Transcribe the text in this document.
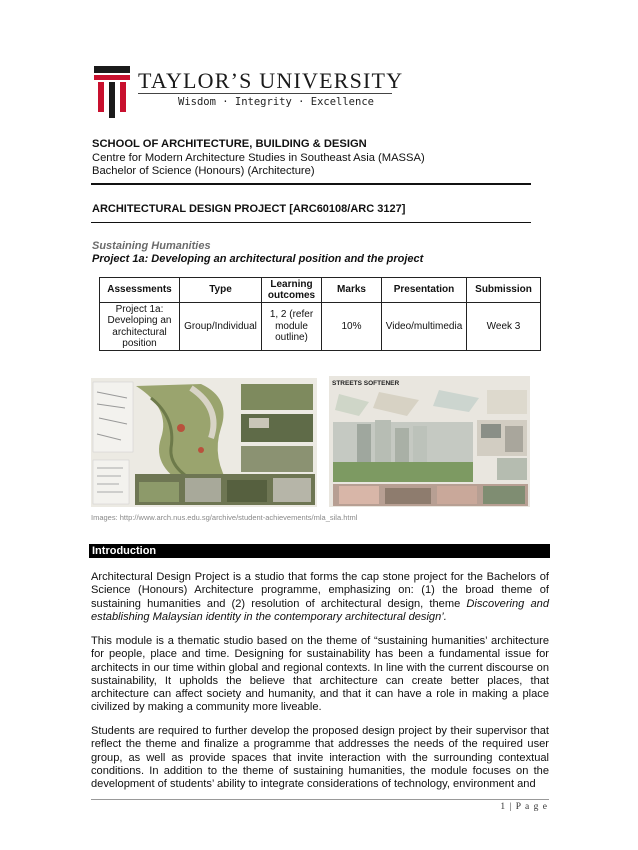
TAYLOR’S UNIVERSITY
Wisdom · Integrity · Excellence
SCHOOL OF ARCHITECTURE, BUILDING & DESIGN
Centre for Modern Architecture Studies in Southeast Asia (MASSA)
Bachelor of Science (Honours) (Architecture)
ARCHITECTURAL DESIGN PROJECT [ARC60108/ARC 3127]
Sustaining Humanities
Project 1a: Developing an architectural position and the project
Assessments	Type	Learning outcomes	Marks	Presentation	Submission
Project 1a: Developing an architectural position	Group/Individual	1, 2 (refer module outline)	10%	Video/multimedia	Week 3
STREETS SOFTENER
Images: http://www.arch.nus.edu.sg/archive/student-achievements/mla_sila.html
Introduction
Architectural Design Project is a studio that forms the cap stone project for the Bachelors of Science (Honours) Architecture programme, emphasizing on: (1) the broad theme of sustaining humanities and (2) resolution of architectural design, theme Discovering and establishing Malaysian identity in the contemporary architectural design’.
This module is a thematic studio based on the theme of “sustaining humanities’ architecture for people, place and time. Designing for sustainability has been a fundamental issue for architects in our time within global and regional contexts. In line with the current discourse on sustainability, It upholds the believe that architecture can create better places, that architecture can affect society and humanity, and that it can have a role in making a place civilized by making a community more liveable.
Students are required to further develop the proposed design project by their supervisor that reflect the theme and finalize a programme that addresses the needs of the required user group, as well as provide spaces that invite interaction with the surrounding contextual conditions. In addition to the theme of sustaining humanities, the module focuses on the development of students’ ability to integrate considerations of technology, environment and
1 | P a g e
